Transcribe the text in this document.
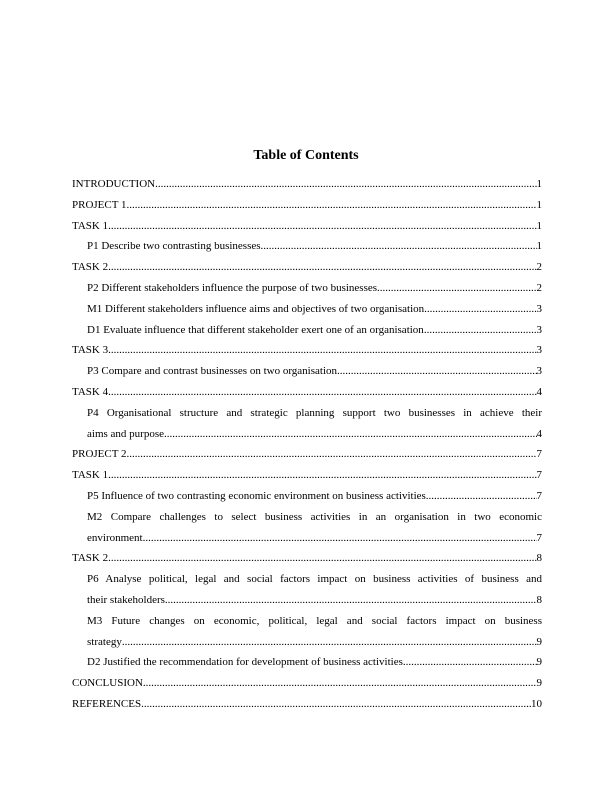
Table of Contents
INTRODUCTION .....	1
PROJECT 1 .....	1
TASK 1 .....	1
P1 Describe two contrasting businesses .....	1
TASK 2 .....	2
P2 Different stakeholders influence the purpose of two businesses .....	2
M1 Different stakeholders influence aims and objectives of two organisation .....	3
D1 Evaluate influence that different stakeholder exert one of an organisation .....	3
TASK 3 .....	3
P3 Compare and contrast businesses on two organisation .....	3
TASK 4 .....	4
P4 Organisational structure and strategic planning support two businesses in achieve their
aims and purpose .....	4
PROJECT 2 .....	7
TASK 1 .....	7
P5 Influence of two contrasting economic environment on business activities .....	7
M2 Compare challenges to select business activities in an organisation in two economic
environment .....	7
TASK 2 .....	8
P6 Analyse political, legal and social factors impact on business activities of business and
their stakeholders .....	8
M3 Future changes on economic, political, legal and social factors impact on business
strategy .....	9
D2 Justified the recommendation for development of business activities .....	9
CONCLUSION .....	9
REFERENCES .....	10
